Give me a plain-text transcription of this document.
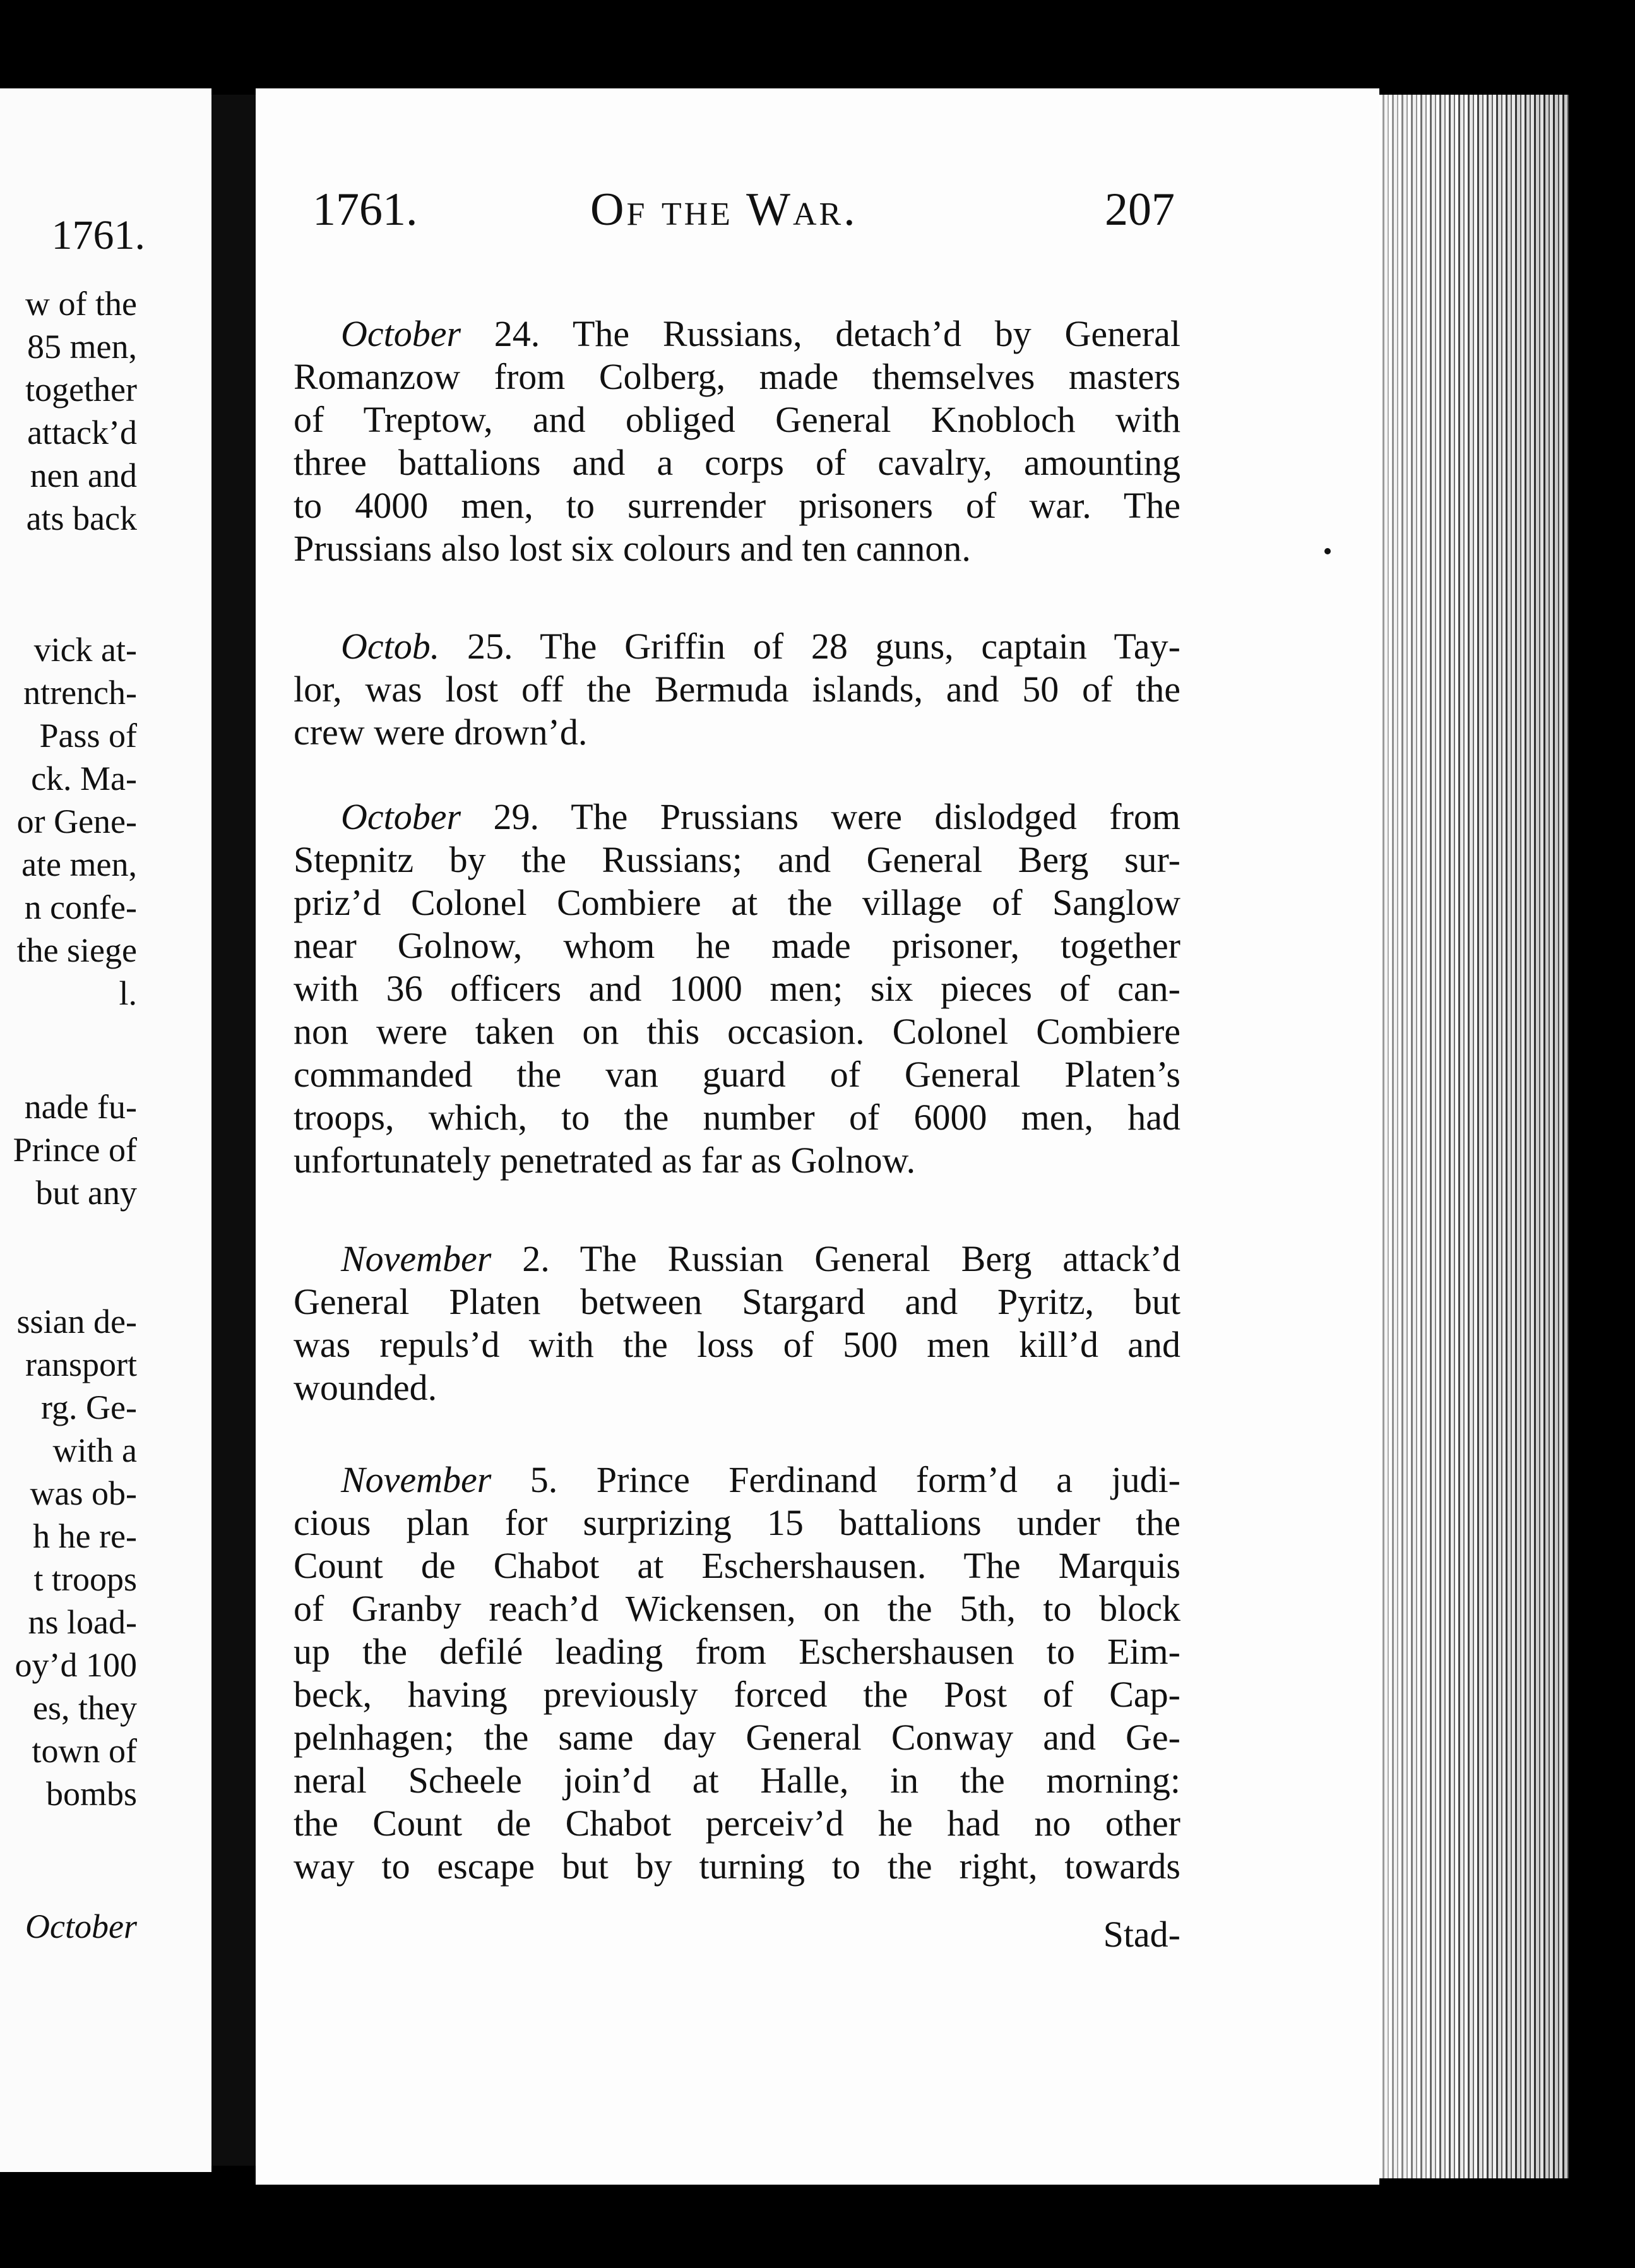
1761.
w of the
85 men,
together
attack’d
nen and
ats back
vick at-
ntrench-
Pass of
ck. Ma-
or Gene-
ate men,
n confe-
the siege
l.
nade fu-
Prince of
but any
ssian de-
ransport
rg. Ge-
with a
was ob-
h he re-
t troops
ns load-
oy’d 100
es, they
town of
bombs
October
1761.	Of the War.	207
October 24. The Russians, detach’d by General
Romanzow from Colberg, made themselves masters
of Treptow, and obliged General Knobloch with
three battalions and a corps of cavalry, amounting
to 4000 men, to surrender prisoners of war. The
Prussians also lost six colours and ten cannon.
Octob. 25. The Griffin of 28 guns, captain Tay-
lor, was lost off the Bermuda islands, and 50 of the
crew were drown’d.
October 29. The Prussians were dislodged from
Stepnitz by the Russians; and General Berg sur-
priz’d Colonel Combiere at the village of Sanglow
near Golnow, whom he made prisoner, together
with 36 officers and 1000 men; six pieces of can-
non were taken on this occasion. Colonel Combiere
commanded the van guard of General Platen’s
troops, which, to the number of 6000 men, had
unfortunately penetrated as far as Golnow.
November 2. The Russian General Berg attack’d
General Platen between Stargard and Pyritz, but
was repuls’d with the loss of 500 men kill’d and
wounded.
November 5. Prince Ferdinand form’d a judi-
cious plan for surprizing 15 battalions under the
Count de Chabot at Eschershausen. The Marquis
of Granby reach’d Wickensen, on the 5th, to block
up the defilé leading from Eschershausen to Eim-
beck, having previously forced the Post of Cap-
pelnhagen; the same day General Conway and Ge-
neral Scheele join’d at Halle, in the morning:
the Count de Chabot perceiv’d he had no other
way to escape but by turning to the right, towards
Stad-
